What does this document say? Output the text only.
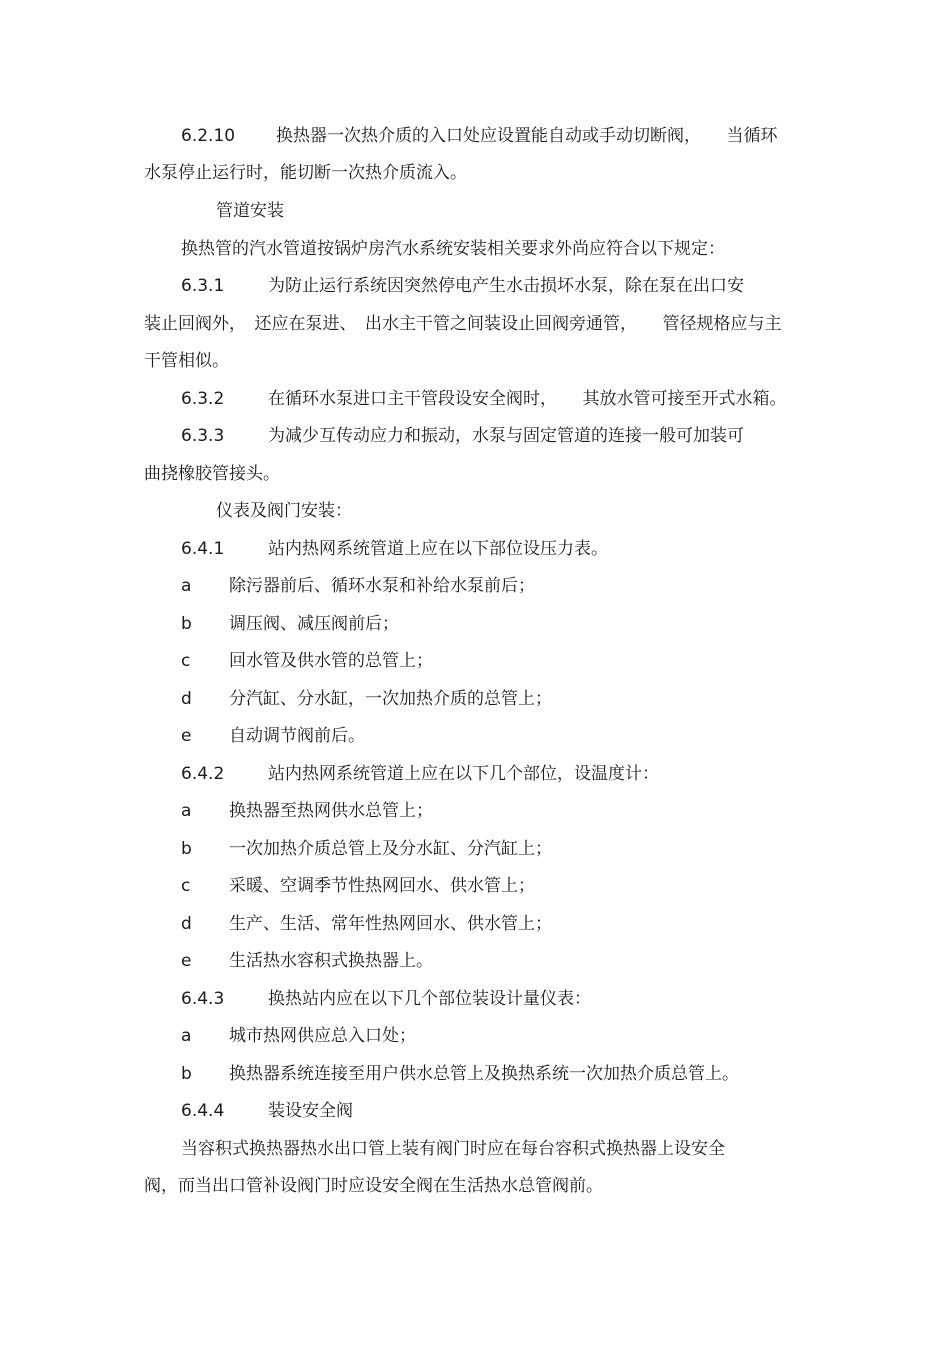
6.2.10 换热器一次热介质的入口处应设置能自动或手动切断阀，　　当循环
水泵停止运行时，能切断一次热介质流入。
管道安装
换热管的汽水管道按锅炉房汽水系统安装相关要求外尚应符合以下规定：
6.3.1	为防止运行系统因突然停电产生水击损坏水泵，除在泵在出口安
装止回阀外，　还应在泵进、　出水主干管之间装设止回阀旁通管，　　管径规格应与主
干管相似。
6.3.2	在循环水泵进口主干管段设安全阀时，　　其放水管可接至开式水箱。
6.3.3	为减少互传动应力和振动，水泵与固定管道的连接一般可加装可
曲挠橡胶管接头。
仪表及阀门安装：
6.4.1	站内热网系统管道上应在以下部位设压力表。
a 除污器前后、循环水泵和补给水泵前后；
b 调压阀、减压阀前后；
c 回水管及供水管的总管上；
d 分汽缸、分水缸，一次加热介质的总管上；
e 自动调节阀前后。
6.4.2	站内热网系统管道上应在以下几个部位，设温度计：
a 换热器至热网供水总管上；
b 一次加热介质总管上及分水缸、分汽缸上；
c 采暖、空调季节性热网回水、供水管上；
d 生产、生活、常年性热网回水、供水管上；
e 生活热水容积式换热器上。
6.4.3	换热站内应在以下几个部位装设计量仪表：
a 城市热网供应总入口处；
b 换热器系统连接至用户供水总管上及换热系统一次加热介质总管上。
6.4.4	装设安全阀
当容积式换热器热水出口管上装有阀门时应在每台容积式换热器上设安全
阀，而当出口管补设阀门时应设安全阀在生活热水总管阀前。
